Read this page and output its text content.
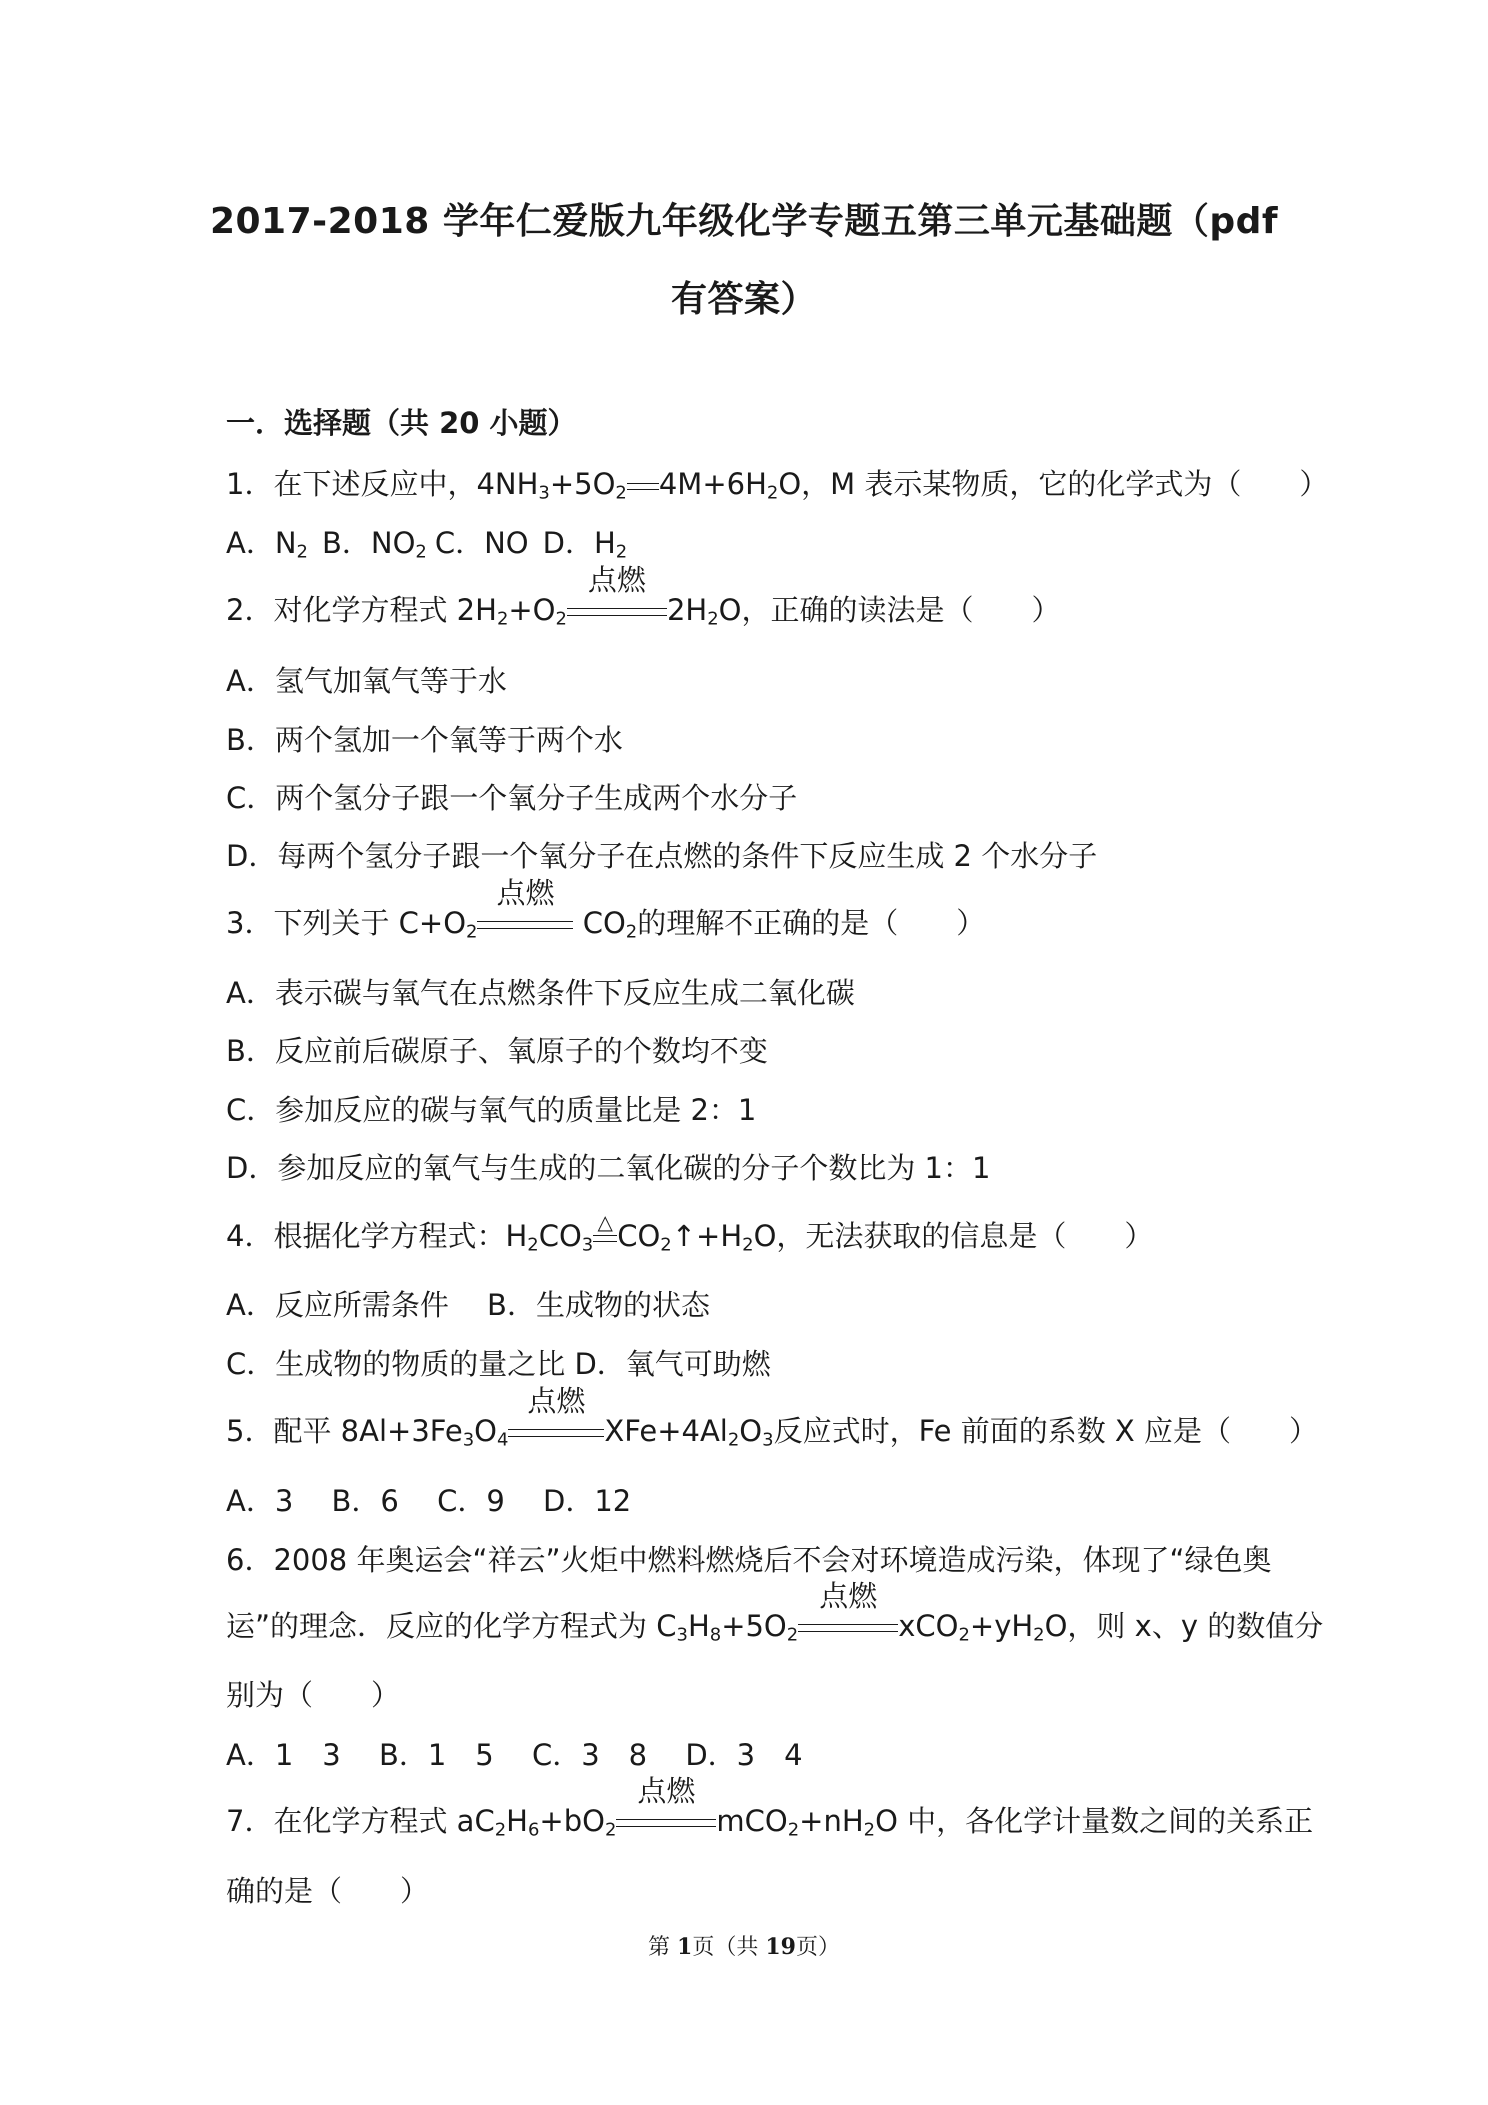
2017-2018 学年仁爱版九年级化学专题五第三单元基础题（pdf
有答案）
一．选择题（共 20 小题）
1．在下述反应中，$4NH_3+5O_2$ $4M+6H_2O$，M 表示某物质，它的化学式为（　　）
A．$N_2$ B．$NO_2$ C．NO D．$H_2$
2．对化学方程式 $2H_2+O_2$
点燃
$2H_2O$，正确的读法是（　　）
A．氢气加氧气等于水
B．两个氢加一个氧等于两个水
C．两个氢分子跟一个氧分子生成两个水分子
D．每两个氢分子跟一个氧分子在点燃的条件下反应生成 2 个水分子
3．下列关于 $C+O_2$
点燃
$CO_2$的理解不正确的是（　　）
A．表示碳与氧气在点燃条件下反应生成二氧化碳
B．反应前后碳原子、氧原子的个数均不变
C．参加反应的碳与氧气的质量比是 2：1
D．参加反应的氧气与生成的二氧化碳的分子个数比为 1：1
4．根据化学方程式：$H_2CO_3$
△ $CO_2↑+H_2O$，无法获取的信息是（　　）
A．反应所需条件　 B．生成物的状态
C．生成物的物质的量之比 D．氧气可助燃
5．配平 $8Al+3Fe_3O_4$
点燃
$XFe+4Al_2O_3$反应式时，Fe 前面的系数 X 应是（　　）
A．3　 B．6　 C．9　 D．12
6．2008 年奥运会“祥云”火炬中燃料燃烧后不会对环境造成污染，体现了“绿色奥
运”的理念．反应的化学方程式为 $C_3H_8+5O_2$
点燃
$xCO_2+yH_2O$，则 x、y 的数值分
别为（　　）
A．1　3　 B．1　5　 C．3　8　 D．3　4
7．在化学方程式 $aC_2H_6+bO_2$
点燃
$mCO_2+nH_2O$ 中，各化学计量数之间的关系正
确的是（　　）
第 1页（共 19页）
